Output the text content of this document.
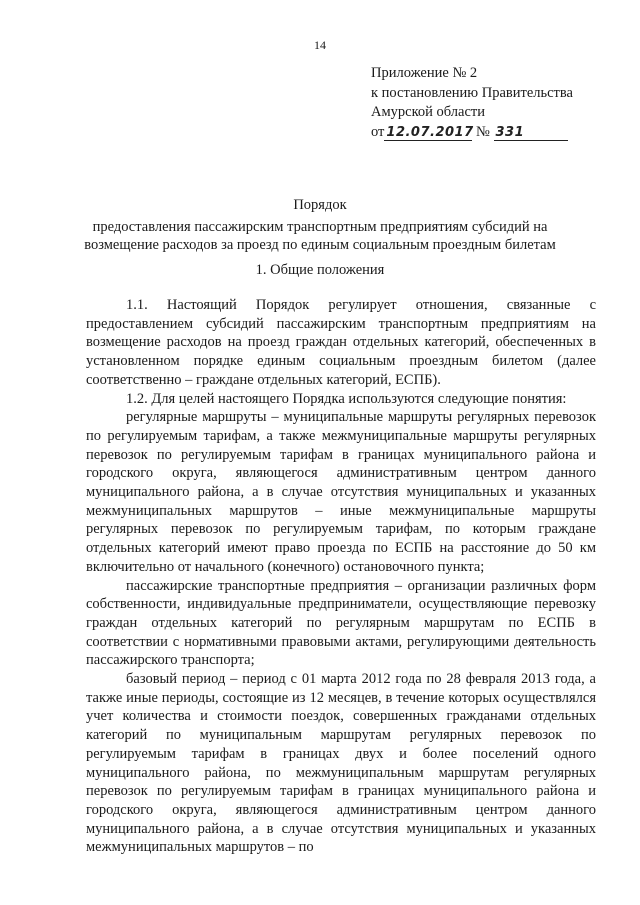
14
Приложение № 2
к постановлению Правительства
Амурской области
от 12.07.2017 № 331
Порядок
предоставления пассажирским транспортным предприятиям субсидий на
возмещение расходов за проезд по единым социальным проездным билетам
1. Общие положения

1.1. Настоящий Порядок регулирует отношения, связанные с предоставлением субсидий пассажирским транспортным предприятиям на возмещение расходов на проезд граждан отдельных категорий, обеспеченных в установленном порядке единым социальным проездным билетом (далее соответственно – граждане отдельных категорий, ЕСПБ).

1.2. Для целей настоящего Порядка используются следующие понятия:

регулярные маршруты – муниципальные маршруты регулярных перевозок по регулируемым тарифам, а также межмуниципальные маршруты регулярных перевозок по регулируемым тарифам в границах муниципального района и городского округа, являющегося административным центром данного муниципального района, а в случае отсутствия муниципальных и указанных межмуниципальных маршрутов – иные межмуниципальные маршруты регулярных перевозок по регулируемым тарифам, по которым граждане отдельных категорий имеют право проезда по ЕСПБ на расстояние до 50 км включительно от начального (конечного) остановочного пункта;

пассажирские транспортные предприятия – организации различных форм собственности, индивидуальные предприниматели, осуществляющие перевозку граждан отдельных категорий по регулярным маршрутам по ЕСПБ в соответствии с нормативными правовыми актами, регулирующими деятельность пассажирского транспорта;

базовый период – период с 01 марта 2012 года по 28 февраля 2013 года, а также иные периоды, состоящие из 12 месяцев, в течение которых осуществлялся учет количества и стоимости поездок, совершенных гражданами отдельных категорий по муниципальным маршрутам регулярных перевозок по регулируемым тарифам в границах двух и более поселений одного муниципального района, по межмуниципальным маршрутам регулярных перевозок по регулируемым тарифам в границах муниципального района и городского округа, являющегося административным центром данного муниципального района, а в случае отсутствия муниципальных и указанных межмуниципальных маршрутов – по
